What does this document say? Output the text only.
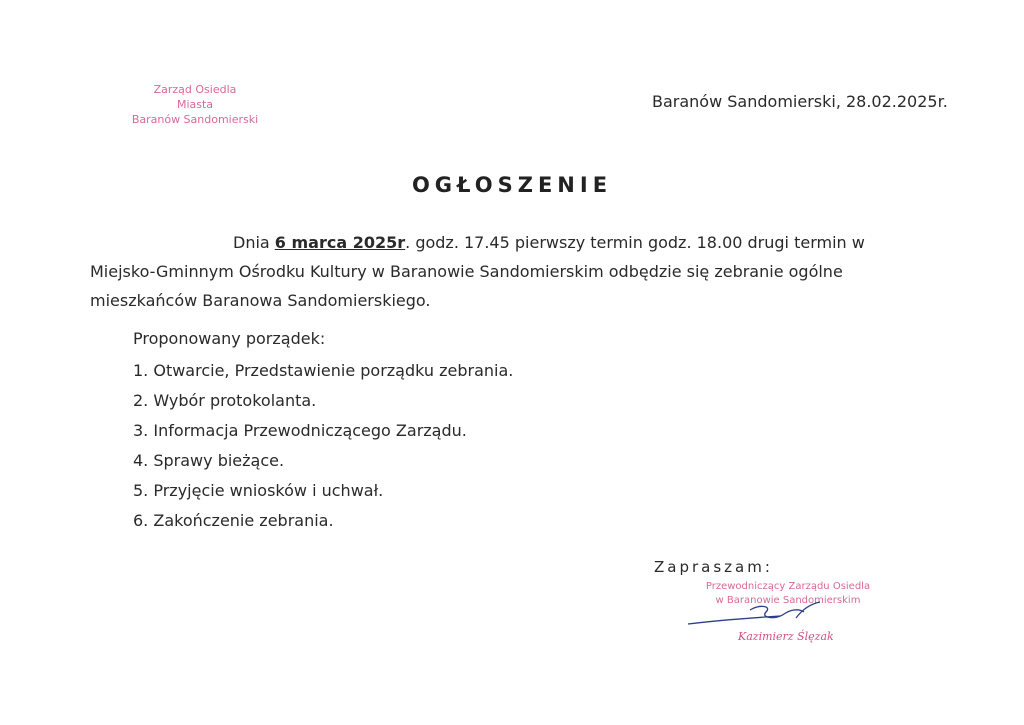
Zarząd Osiedla
Miasta
Baranów Sandomierski
Baranów Sandomierski, 28.02.2025r.
OGŁOSZENIE
Dnia 6 marca 2025r. godz. 17.45 pierwszy termin godz. 18.00 drugi termin w
Miejsko-Gminnym Ośrodku Kultury w Baranowie Sandomierskim odbędzie się zebranie ogólne
mieszkańców Baranowa Sandomierskiego.
Proponowany porządek:
1. Otwarcie, Przedstawienie porządku zebrania.
2. Wybór protokolanta.
3. Informacja Przewodniczącego Zarządu.
4. Sprawy bieżące.
5. Przyjęcie wniosków i uchwał.
6. Zakończenie zebrania.
Zapraszam:
Przewodniczący Zarządu Osiedla
w Baranowie Sandomierskim
Kazimierz Ślęzak
